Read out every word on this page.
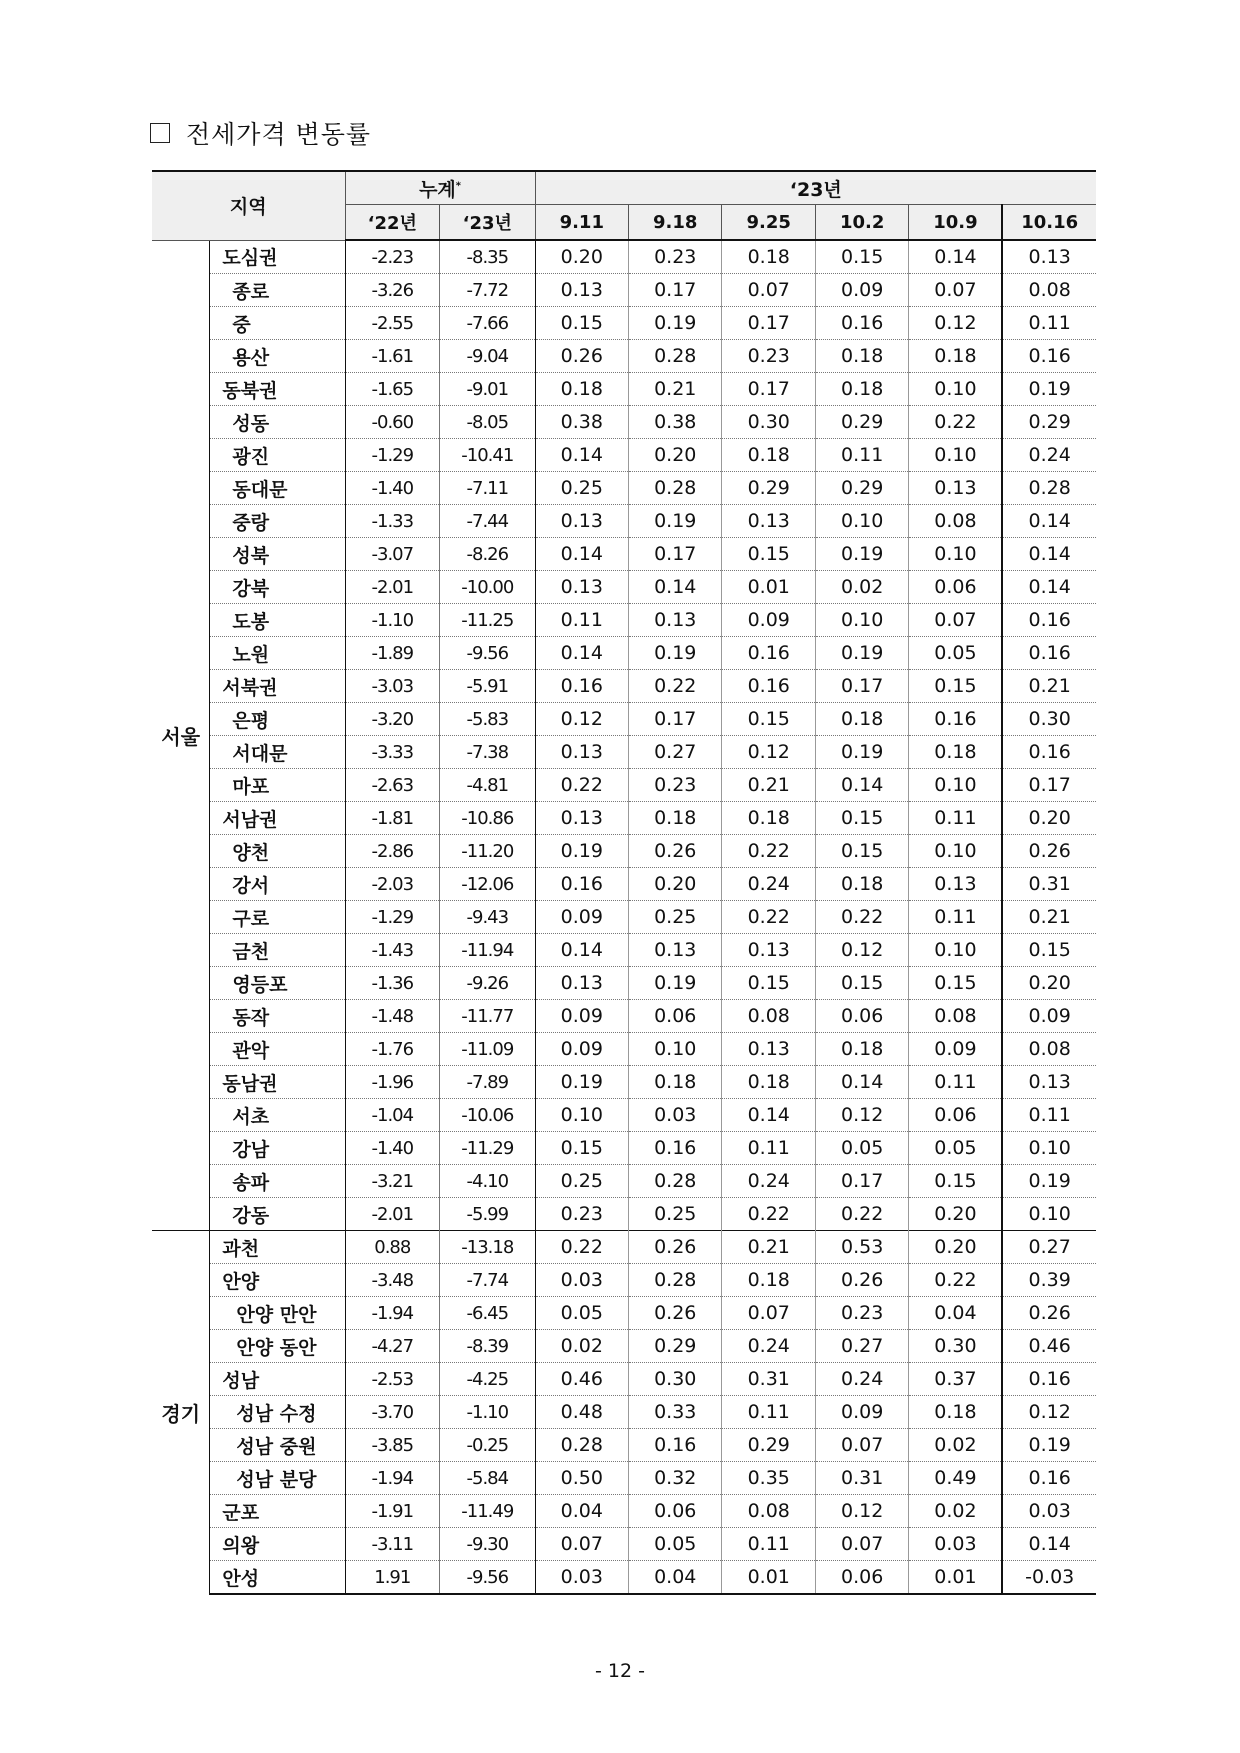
전세가격 변동률
지역		누계*		‘23년					
		‘22년	‘23년	9.11	9.18	9.25	10.2	10.9	10.16
서울	도심권	-2.23	-8.35	0.20	0.23	0.18	0.15	0.14	0.13
	종로	-3.26	-7.72	0.13	0.17	0.07	0.09	0.07	0.08
	중	-2.55	-7.66	0.15	0.19	0.17	0.16	0.12	0.11
	용산	-1.61	-9.04	0.26	0.28	0.23	0.18	0.18	0.16
	동북권	-1.65	-9.01	0.18	0.21	0.17	0.18	0.10	0.19
	성동	-0.60	-8.05	0.38	0.38	0.30	0.29	0.22	0.29
	광진	-1.29	-10.41	0.14	0.20	0.18	0.11	0.10	0.24
	동대문	-1.40	-7.11	0.25	0.28	0.29	0.29	0.13	0.28
	중랑	-1.33	-7.44	0.13	0.19	0.13	0.10	0.08	0.14
	성북	-3.07	-8.26	0.14	0.17	0.15	0.19	0.10	0.14
	강북	-2.01	-10.00	0.13	0.14	0.01	0.02	0.06	0.14
	도봉	-1.10	-11.25	0.11	0.13	0.09	0.10	0.07	0.16
	노원	-1.89	-9.56	0.14	0.19	0.16	0.19	0.05	0.16
	서북권	-3.03	-5.91	0.16	0.22	0.16	0.17	0.15	0.21
	은평	-3.20	-5.83	0.12	0.17	0.15	0.18	0.16	0.30
	서대문	-3.33	-7.38	0.13	0.27	0.12	0.19	0.18	0.16
	마포	-2.63	-4.81	0.22	0.23	0.21	0.14	0.10	0.17
	서남권	-1.81	-10.86	0.13	0.18	0.18	0.15	0.11	0.20
	양천	-2.86	-11.20	0.19	0.26	0.22	0.15	0.10	0.26
	강서	-2.03	-12.06	0.16	0.20	0.24	0.18	0.13	0.31
	구로	-1.29	-9.43	0.09	0.25	0.22	0.22	0.11	0.21
	금천	-1.43	-11.94	0.14	0.13	0.13	0.12	0.10	0.15
	영등포	-1.36	-9.26	0.13	0.19	0.15	0.15	0.15	0.20
	동작	-1.48	-11.77	0.09	0.06	0.08	0.06	0.08	0.09
	관악	-1.76	-11.09	0.09	0.10	0.13	0.18	0.09	0.08
	동남권	-1.96	-7.89	0.19	0.18	0.18	0.14	0.11	0.13
	서초	-1.04	-10.06	0.10	0.03	0.14	0.12	0.06	0.11
	강남	-1.40	-11.29	0.15	0.16	0.11	0.05	0.05	0.10
	송파	-3.21	-4.10	0.25	0.28	0.24	0.17	0.15	0.19
	강동	-2.01	-5.99	0.23	0.25	0.22	0.22	0.20	0.10
경기	과천	0.88	-13.18	0.22	0.26	0.21	0.53	0.20	0.27
	안양	-3.48	-7.74	0.03	0.28	0.18	0.26	0.22	0.39
	안양 만안	-1.94	-6.45	0.05	0.26	0.07	0.23	0.04	0.26
	안양 동안	-4.27	-8.39	0.02	0.29	0.24	0.27	0.30	0.46
	성남	-2.53	-4.25	0.46	0.30	0.31	0.24	0.37	0.16
	성남 수정	-3.70	-1.10	0.48	0.33	0.11	0.09	0.18	0.12
	성남 중원	-3.85	-0.25	0.28	0.16	0.29	0.07	0.02	0.19
	성남 분당	-1.94	-5.84	0.50	0.32	0.35	0.31	0.49	0.16
	군포	-1.91	-11.49	0.04	0.06	0.08	0.12	0.02	0.03
	의왕	-3.11	-9.30	0.07	0.05	0.11	0.07	0.03	0.14
	안성	1.91	-9.56	0.03	0.04	0.01	0.06	0.01	-0.03
- 12 -
